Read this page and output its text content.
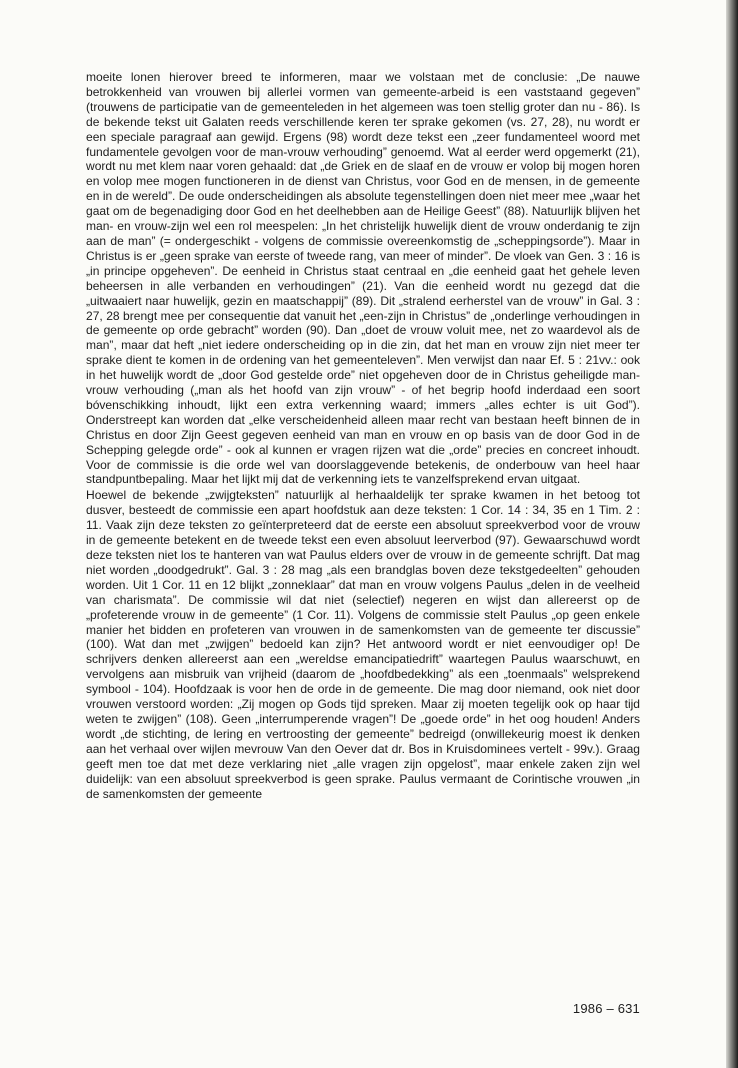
moeite lonen hierover breed te informeren, maar we volstaan met de conclusie: „De nauwe betrokkenheid van vrouwen bij allerlei vormen van gemeente-arbeid is een vaststaand gegeven” (trouwens de participatie van de gemeenteleden in het algemeen was toen stellig groter dan nu - 86). Is de bekende tekst uit Galaten reeds verschillende keren ter sprake gekomen (vs. 27, 28), nu wordt er een speciale paragraaf aan gewijd. Ergens (98) wordt deze tekst een „zeer fundamenteel woord met fundamentele gevolgen voor de man-vrouw verhouding” genoemd. Wat al eerder werd opgemerkt (21), wordt nu met klem naar voren gehaald: dat „de Griek en de slaaf en de vrouw er volop bij mogen horen en volop mee mogen functioneren in de dienst van Christus, voor God en de mensen, in de gemeente en in de wereld”. De oude onderscheidingen als absolute tegenstellingen doen niet meer mee „waar het gaat om de begenadiging door God en het deelhebben aan de Heilige Geest” (88). Natuurlijk blijven het man- en vrouw-zijn wel een rol meespelen: „In het christelijk huwelijk dient de vrouw onderdanig te zijn aan de man” (= ondergeschikt - volgens de commissie overeenkomstig de „scheppingsorde”). Maar in Christus is er „geen sprake van eerste of tweede rang, van meer of minder”. De vloek van Gen. 3 : 16 is „in principe opgeheven”. De eenheid in Christus staat centraal en „die eenheid gaat het gehele leven beheersen in alle verbanden en verhoudingen” (21). Van die eenheid wordt nu gezegd dat die „uitwaaiert naar huwelijk, gezin en maatschappij” (89). Dit „stralend eerherstel van de vrouw” in Gal. 3 : 27, 28 brengt mee per consequentie dat vanuit het „een-zijn in Christus” de „onderlinge verhoudingen in de gemeente op orde gebracht” worden (90). Dan „doet de vrouw voluit mee, net zo waardevol als de man”, maar dat heft „niet iedere onderscheiding op in die zin, dat het man en vrouw zijn niet meer ter sprake dient te komen in de ordening van het gemeenteleven”. Men verwijst dan naar Ef. 5 : 21vv.: ook in het huwelijk wordt de „door God gestelde orde” niet opgeheven door de in Christus geheiligde man-vrouw verhouding („man als het hoofd van zijn vrouw” - of het begrip hoofd inderdaad een soort bóvenschikking inhoudt, lijkt een extra verkenning waard; immers „alles echter is uit God”). Onderstreept kan worden dat „elke verscheidenheid alleen maar recht van bestaan heeft binnen de in Christus en door Zijn Geest gegeven eenheid van man en vrouw en op basis van de door God in de Schepping gelegde orde” - ook al kunnen er vragen rijzen wat die „orde” precies en concreet inhoudt. Voor de commissie is die orde wel van doorslaggevende betekenis, de onderbouw van heel haar standpuntbepaling. Maar het lijkt mij dat de verkenning iets te vanzelfsprekend ervan uitgaat.

Hoewel de bekende „zwijgteksten” natuurlijk al herhaaldelijk ter sprake kwamen in het betoog tot dusver, besteedt de commissie een apart hoofdstuk aan deze teksten: 1 Cor. 14 : 34, 35 en 1 Tim. 2 : 11. Vaak zijn deze teksten zo geïnterpreteerd dat de eerste een absoluut spreekverbod voor de vrouw in de gemeente betekent en de tweede tekst een even absoluut leerverbod (97). Gewaarschuwd wordt deze teksten niet los te hanteren van wat Paulus elders over de vrouw in de gemeente schrijft. Dat mag niet worden „doodgedrukt”. Gal. 3 : 28 mag „als een brandglas boven deze tekstgedeelten” gehouden worden. Uit 1 Cor. 11 en 12 blijkt „zonneklaar” dat man en vrouw volgens Paulus „delen in de veelheid van charismata”. De commissie wil dat niet (selectief) negeren en wijst dan allereerst op de „profeterende vrouw in de gemeente” (1 Cor. 11). Volgens de commissie stelt Paulus „op geen enkele manier het bidden en profeteren van vrouwen in de samenkomsten van de gemeente ter discussie” (100). Wat dan met „zwijgen” bedoeld kan zijn? Het antwoord wordt er niet eenvoudiger op! De schrijvers denken allereerst aan een „wereldse emancipatiedrift” waartegen Paulus waarschuwt, en vervolgens aan misbruik van vrijheid (daarom de „hoofdbedekking” als een „toenmaals” welsprekend symbool - 104). Hoofdzaak is voor hen de orde in de gemeente. Die mag door niemand, ook niet door vrouwen verstoord worden: „Zij mogen op Gods tijd spreken. Maar zij moeten tegelijk ook op haar tijd weten te zwijgen” (108). Geen „interrumperende vragen”! De „goede orde” in het oog houden! Anders wordt „de stichting, de lering en vertroosting der gemeente” bedreigd (onwillekeurig moest ik denken aan het verhaal over wijlen mevrouw Van den Oever dat dr. Bos in Kruisdominees vertelt - 99v.). Graag geeft men toe dat met deze verklaring niet „alle vragen zijn opgelost”, maar enkele zaken zijn wel duidelijk: van een absoluut spreekverbod is geen sprake. Paulus vermaant de Corintische vrouwen „in de samenkomsten der gemeente

1986 – 631
